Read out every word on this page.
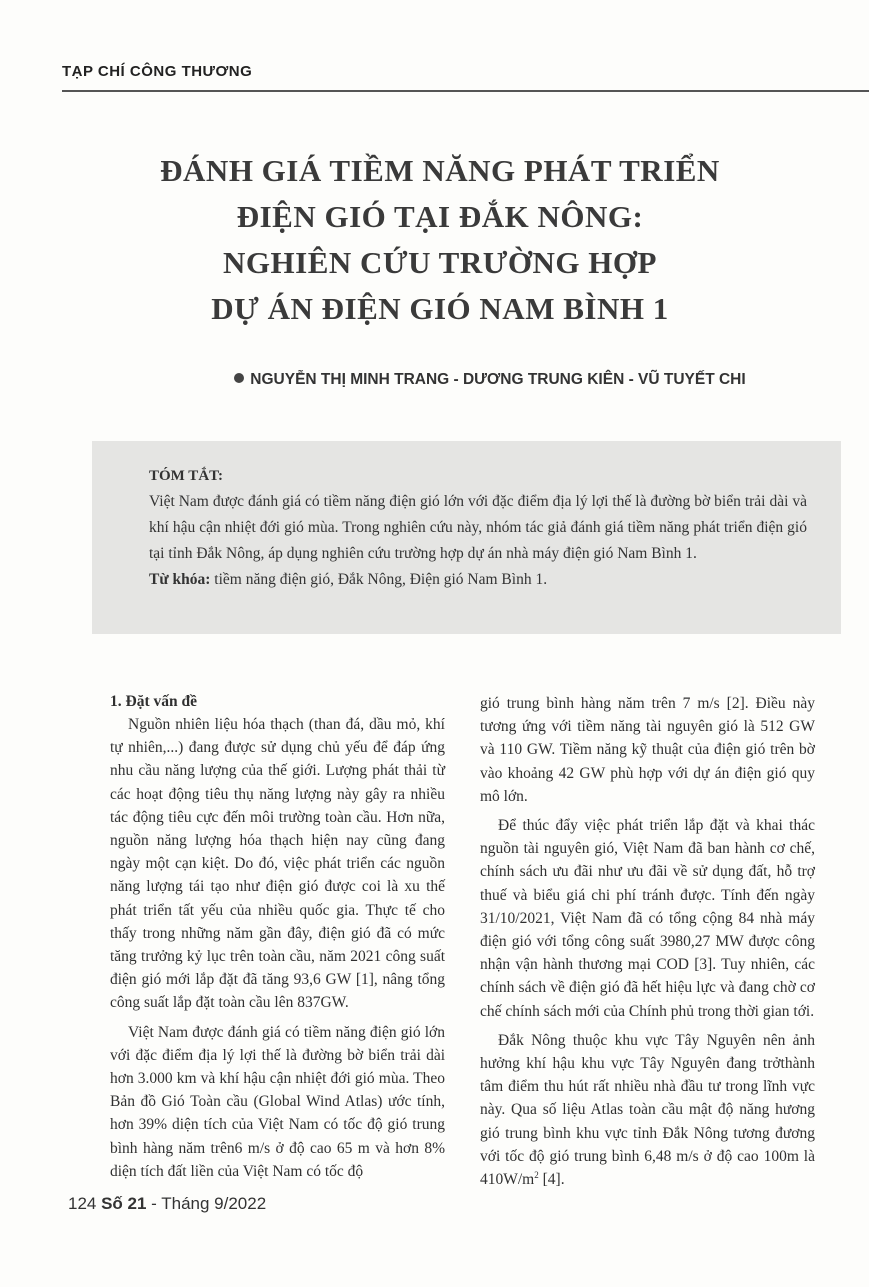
TẠP CHÍ CÔNG THƯƠNG
ĐÁNH GIÁ TIỀM NĂNG PHÁT TRIỂN
ĐIỆN GIÓ TẠI ĐẮK NÔNG:
NGHIÊN CỨU TRƯỜNG HỢP
DỰ ÁN ĐIỆN GIÓ NAM BÌNH 1
NGUYỄN THỊ MINH TRANG - DƯƠNG TRUNG KIÊN - VŨ TUYẾT CHI
TÓM TẮT:

Việt Nam được đánh giá có tiềm năng điện gió lớn với đặc điểm địa lý lợi thế là đường bờ biển trải dài và khí hậu cận nhiệt đới gió mùa. Trong nghiên cứu này, nhóm tác giả đánh giá tiềm năng phát triển điện gió tại tỉnh Đắk Nông, áp dụng nghiên cứu trường hợp dự án nhà máy điện gió Nam Bình 1.

Từ khóa: tiềm năng điện gió, Đắk Nông, Điện gió Nam Bình 1.

1. Đặt vấn đề

Nguồn nhiên liệu hóa thạch (than đá, dầu mỏ, khí tự nhiên,...) đang được sử dụng chủ yếu để đáp ứng nhu cầu năng lượng của thế giới. Lượng phát thải từ các hoạt động tiêu thụ năng lượng này gây ra nhiều tác động tiêu cực đến môi trường toàn cầu. Hơn nữa, nguồn năng lượng hóa thạch hiện nay cũng đang ngày một cạn kiệt. Do đó, việc phát triển các nguồn năng lượng tái tạo như điện gió được coi là xu thế phát triển tất yếu của nhiều quốc gia. Thực tế cho thấy trong những năm gần đây, điện gió đã có mức tăng trưởng kỷ lục trên toàn cầu, năm 2021 công suất điện gió mới lắp đặt đã tăng 93,6 GW [1], nâng tổng công suất lắp đặt toàn cầu lên 837GW.

Việt Nam được đánh giá có tiềm năng điện gió lớn với đặc điểm địa lý lợi thế là đường bờ biển trải dài hơn 3.000 km và khí hậu cận nhiệt đới gió mùa. Theo Bản đồ Gió Toàn cầu (Global Wind Atlas) ước tính, hơn 39% diện tích của Việt Nam có tốc độ gió trung bình hàng năm trên6 m/s ở độ cao 65 m và hơn 8% diện tích đất liền của Việt Nam có tốc độ

gió trung bình hàng năm trên 7 m/s [2]. Điều này tương ứng với tiềm năng tài nguyên gió là 512 GW và 110 GW. Tiềm năng kỹ thuật của điện gió trên bờ vào khoảng 42 GW phù hợp với dự án điện gió quy mô lớn.

Để thúc đẩy việc phát triển lắp đặt và khai thác nguồn tài nguyên gió, Việt Nam đã ban hành cơ chế, chính sách ưu đãi như ưu đãi về sử dụng đất, hỗ trợ thuế và biểu giá chi phí tránh được. Tính đến ngày 31/10/2021, Việt Nam đã có tổng cộng 84 nhà máy điện gió với tổng công suất 3980,27 MW được công nhận vận hành thương mại COD [3]. Tuy nhiên, các chính sách về điện gió đã hết hiệu lực và đang chờ cơ chế chính sách mới của Chính phủ trong thời gian tới.

Đắk Nông thuộc khu vực Tây Nguyên nên ảnh hưởng khí hậu khu vực Tây Nguyên đang trởthành tâm điểm thu hút rất nhiều nhà đầu tư trong lĩnh vực này. Qua số liệu Atlas toàn cầu mật độ năng hương gió trung bình khu vực tỉnh Đắk Nông tương đương với tốc độ gió trung bình 6,48 m/s ở độ cao 100m là $410W/m^2$ [4].

124 Số 21 - Tháng 9/2022
